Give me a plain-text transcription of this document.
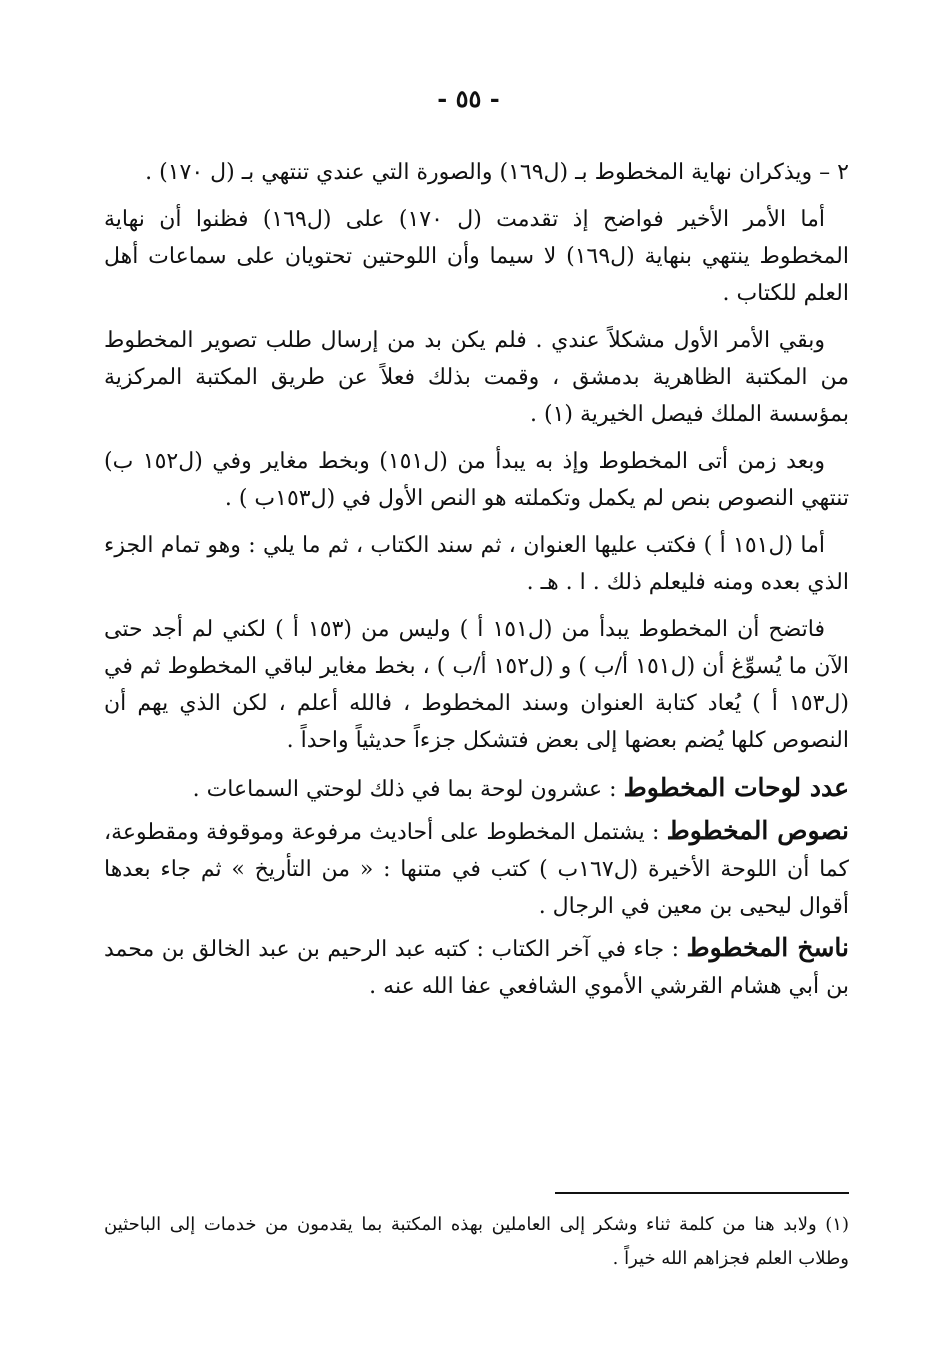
- ٥٥ -

٢ – ويذكران نهاية المخطوط بـ (ل١٦٩) والصورة التي عندي تنتهي بـ (ل ١٧٠) .

أما الأمر الأخير فواضح إذ تقدمت (ل ١٧٠) على (ل١٦٩) فظنوا أن نهاية المخطوط ينتهي بنهاية (ل١٦٩) لا سيما وأن اللوحتين تحتويان على سماعات أهل العلم للكتاب .

وبقي الأمر الأول مشكلاً عندي . فلم يكن بد من إرسال طلب تصوير المخطوط من المكتبة الظاهرية بدمشق ، وقمت بذلك فعلاً عن طريق المكتبة المركزية بمؤسسة الملك فيصل الخيرية (١) .

وبعد زمن أتى المخطوط وإذ به يبدأ من (ل١٥١) وبخط مغاير وفي (ل١٥٢ ب) تنتهي النصوص بنص لم يكمل وتكملته هو النص الأول في (ل١٥٣ب ) .

أما (ل١٥١ أ ) فكتب عليها العنوان ، ثم سند الكتاب ، ثم ما يلي : وهو تمام الجزء الذي بعده ومنه فليعلم ذلك . ا . هـ .

فاتضح أن المخطوط يبدأ من (ل١٥١ أ ) وليس من (١٥٣ أ ) لكني لم أجد حتى الآن ما يُسوِّغ أن (ل١٥١ أ/ب ) و (ل١٥٢ أ/ب ) ، بخط مغاير لباقي المخطوط ثم في (ل١٥٣ أ ) يُعاد كتابة العنوان وسند المخطوط ، فالله أعلم ، لكن الذي يهم أن النصوص كلها يُضم بعضها إلى بعض فتشكل جزءاً حديثياً واحداً .

عدد لوحات المخطوط : عشرون لوحة بما في ذلك لوحتي السماعات .

نصوص المخطوط : يشتمل المخطوط على أحاديث مرفوعة وموقوفة ومقطوعة، كما أن اللوحة الأخيرة (ل١٦٧ب ) كتب في متنها : « من التأريخ » ثم جاء بعدها أقوال ليحيى بن معين في الرجال .

ناسخ المخطوط : جاء في آخر الكتاب : كتبه عبد الرحيم بن عبد الخالق بن محمد بن أبي هشام القرشي الأموي الشافعي عفا الله عنه .

(١) ولابد هنا من كلمة ثناء وشكر إلى العاملين بهذه المكتبة بما يقدمون من خدمات إلى الباحثين وطلاب العلم فجزاهم الله خيراً .
